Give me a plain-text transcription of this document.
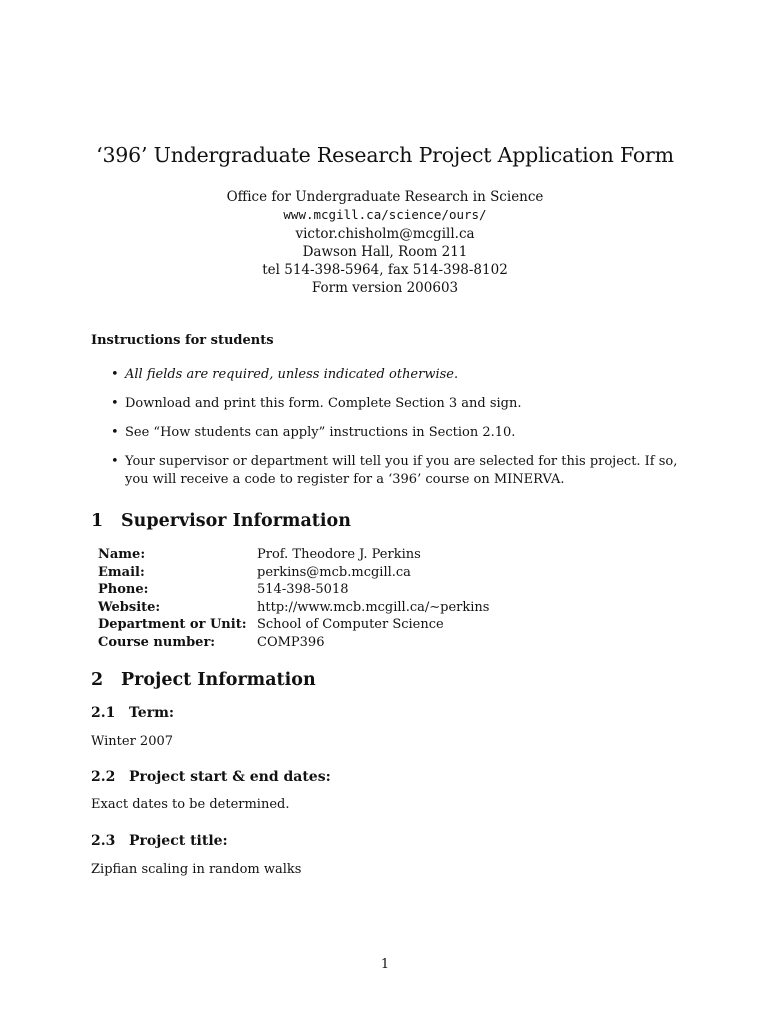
‘396’ Undergraduate Research Project Application Form
Office for Undergraduate Research in Science
www.mcgill.ca/science/ours/
victor.chisholm@mcgill.ca
Dawson Hall, Room 211
tel 514-398-5964, fax 514-398-8102
Form version 200603
Instructions for students
• All fields are required, unless indicated otherwise.
• Download and print this form. Complete Section 3 and sign.
• See “How students can apply” instructions in Section 2.10.
• Your supervisor or department will tell you if you are selected for this project. If so, you will receive a code to register for a ‘396’ course on MINERVA.
1 Supervisor Information
Name:	Prof. Theodore J. Perkins
Email:	perkins@mcb.mcgill.ca
Phone:	514-398-5018
Website:	http://www.mcb.mcgill.ca/∼perkins
Department or Unit: School of Computer Science
Course number:	COMP396
2 Project Information
2.1 Term:
Winter 2007
2.2 Project start & end dates:
Exact dates to be determined.
2.3 Project title:
Zipfian scaling in random walks
1
